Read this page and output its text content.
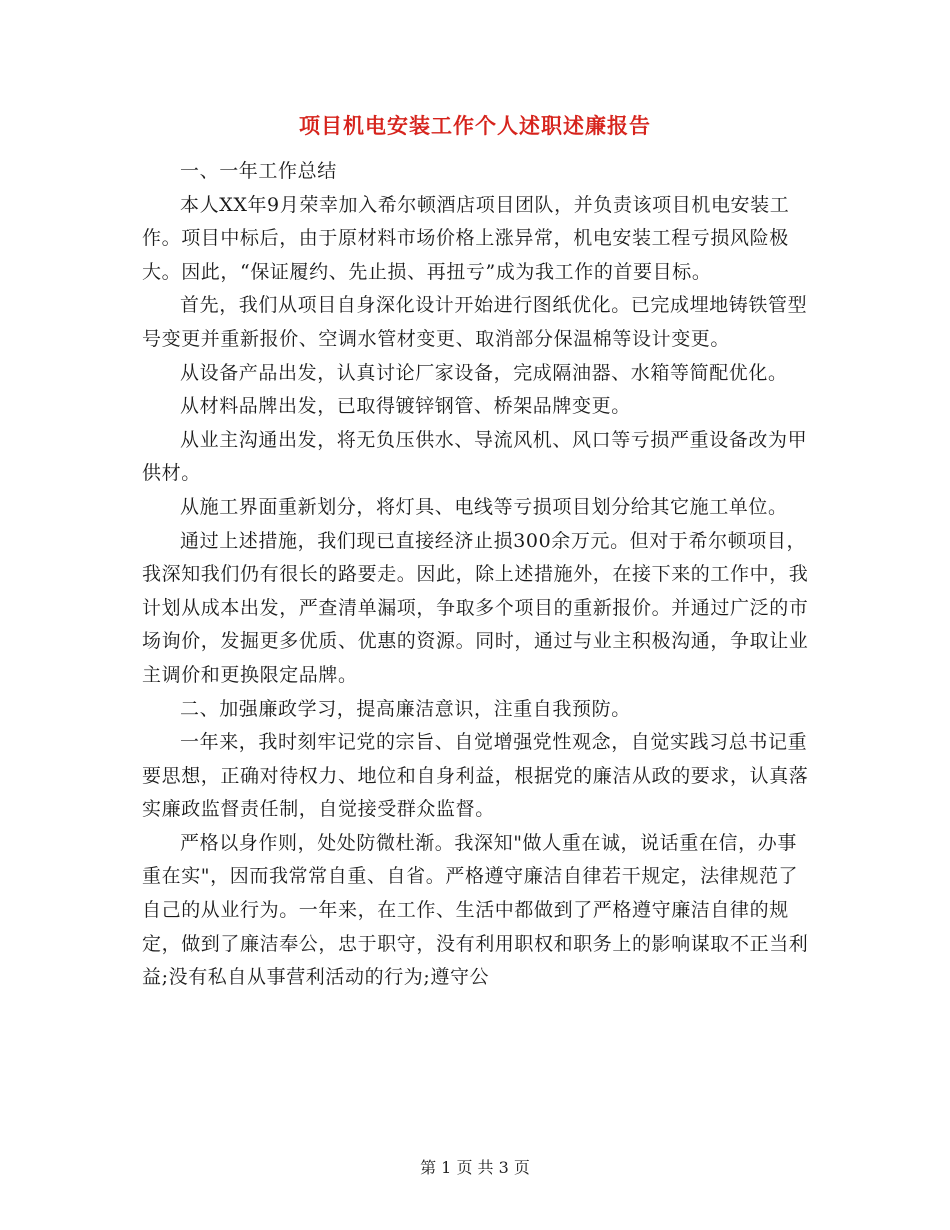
项目机电安装工作个人述职述廉报告

一、一年工作总结

本人XX年9月荣幸加入希尔顿酒店项目团队，并负责该项目机电安装工作。项目中标后，由于原材料市场价格上涨异常，机电安装工程亏损风险极大。因此，“保证履约、先止损、再扭亏”成为我工作的首要目标。

首先，我们从项目自身深化设计开始进行图纸优化。已完成埋地铸铁管型号变更并重新报价、空调水管材变更、取消部分保温棉等设计变更。

从设备产品出发，认真讨论厂家设备，完成隔油器、水箱等简配优化。

从材料品牌出发，已取得镀锌钢管、桥架品牌变更。

从业主沟通出发，将无负压供水、导流风机、风口等亏损严重设备改为甲供材。

从施工界面重新划分，将灯具、电线等亏损项目划分给其它施工单位。

通过上述措施，我们现已直接经济止损300余万元。但对于希尔顿项目，我深知我们仍有很长的路要走。因此，除上述措施外，在接下来的工作中，我计划从成本出发，严查清单漏项，争取多个项目的重新报价。并通过广泛的市场询价，发掘更多优质、优惠的资源。同时，通过与业主积极沟通，争取让业主调价和更换限定品牌。

二、加强廉政学习，提高廉洁意识，注重自我预防。

一年来，我时刻牢记党的宗旨、自觉增强党性观念，自觉实践习总书记重要思想，正确对待权力、地位和自身利益，根据党的廉洁从政的要求，认真落实廉政监督责任制，自觉接受群众监督。

严格以身作则，处处防微杜渐。我深知"做人重在诚，说话重在信，办事重在实"，因而我常常自重、自省。严格遵守廉洁自律若干规定，法律规范了自己的从业行为。一年来，在工作、生活中都做到了严格遵守廉洁自律的规定，做到了廉洁奉公，忠于职守，没有利用职权和职务上的影响谋取不正当利益;没有私自从事营利活动的行为;遵守公

第 1 页 共 3 页
